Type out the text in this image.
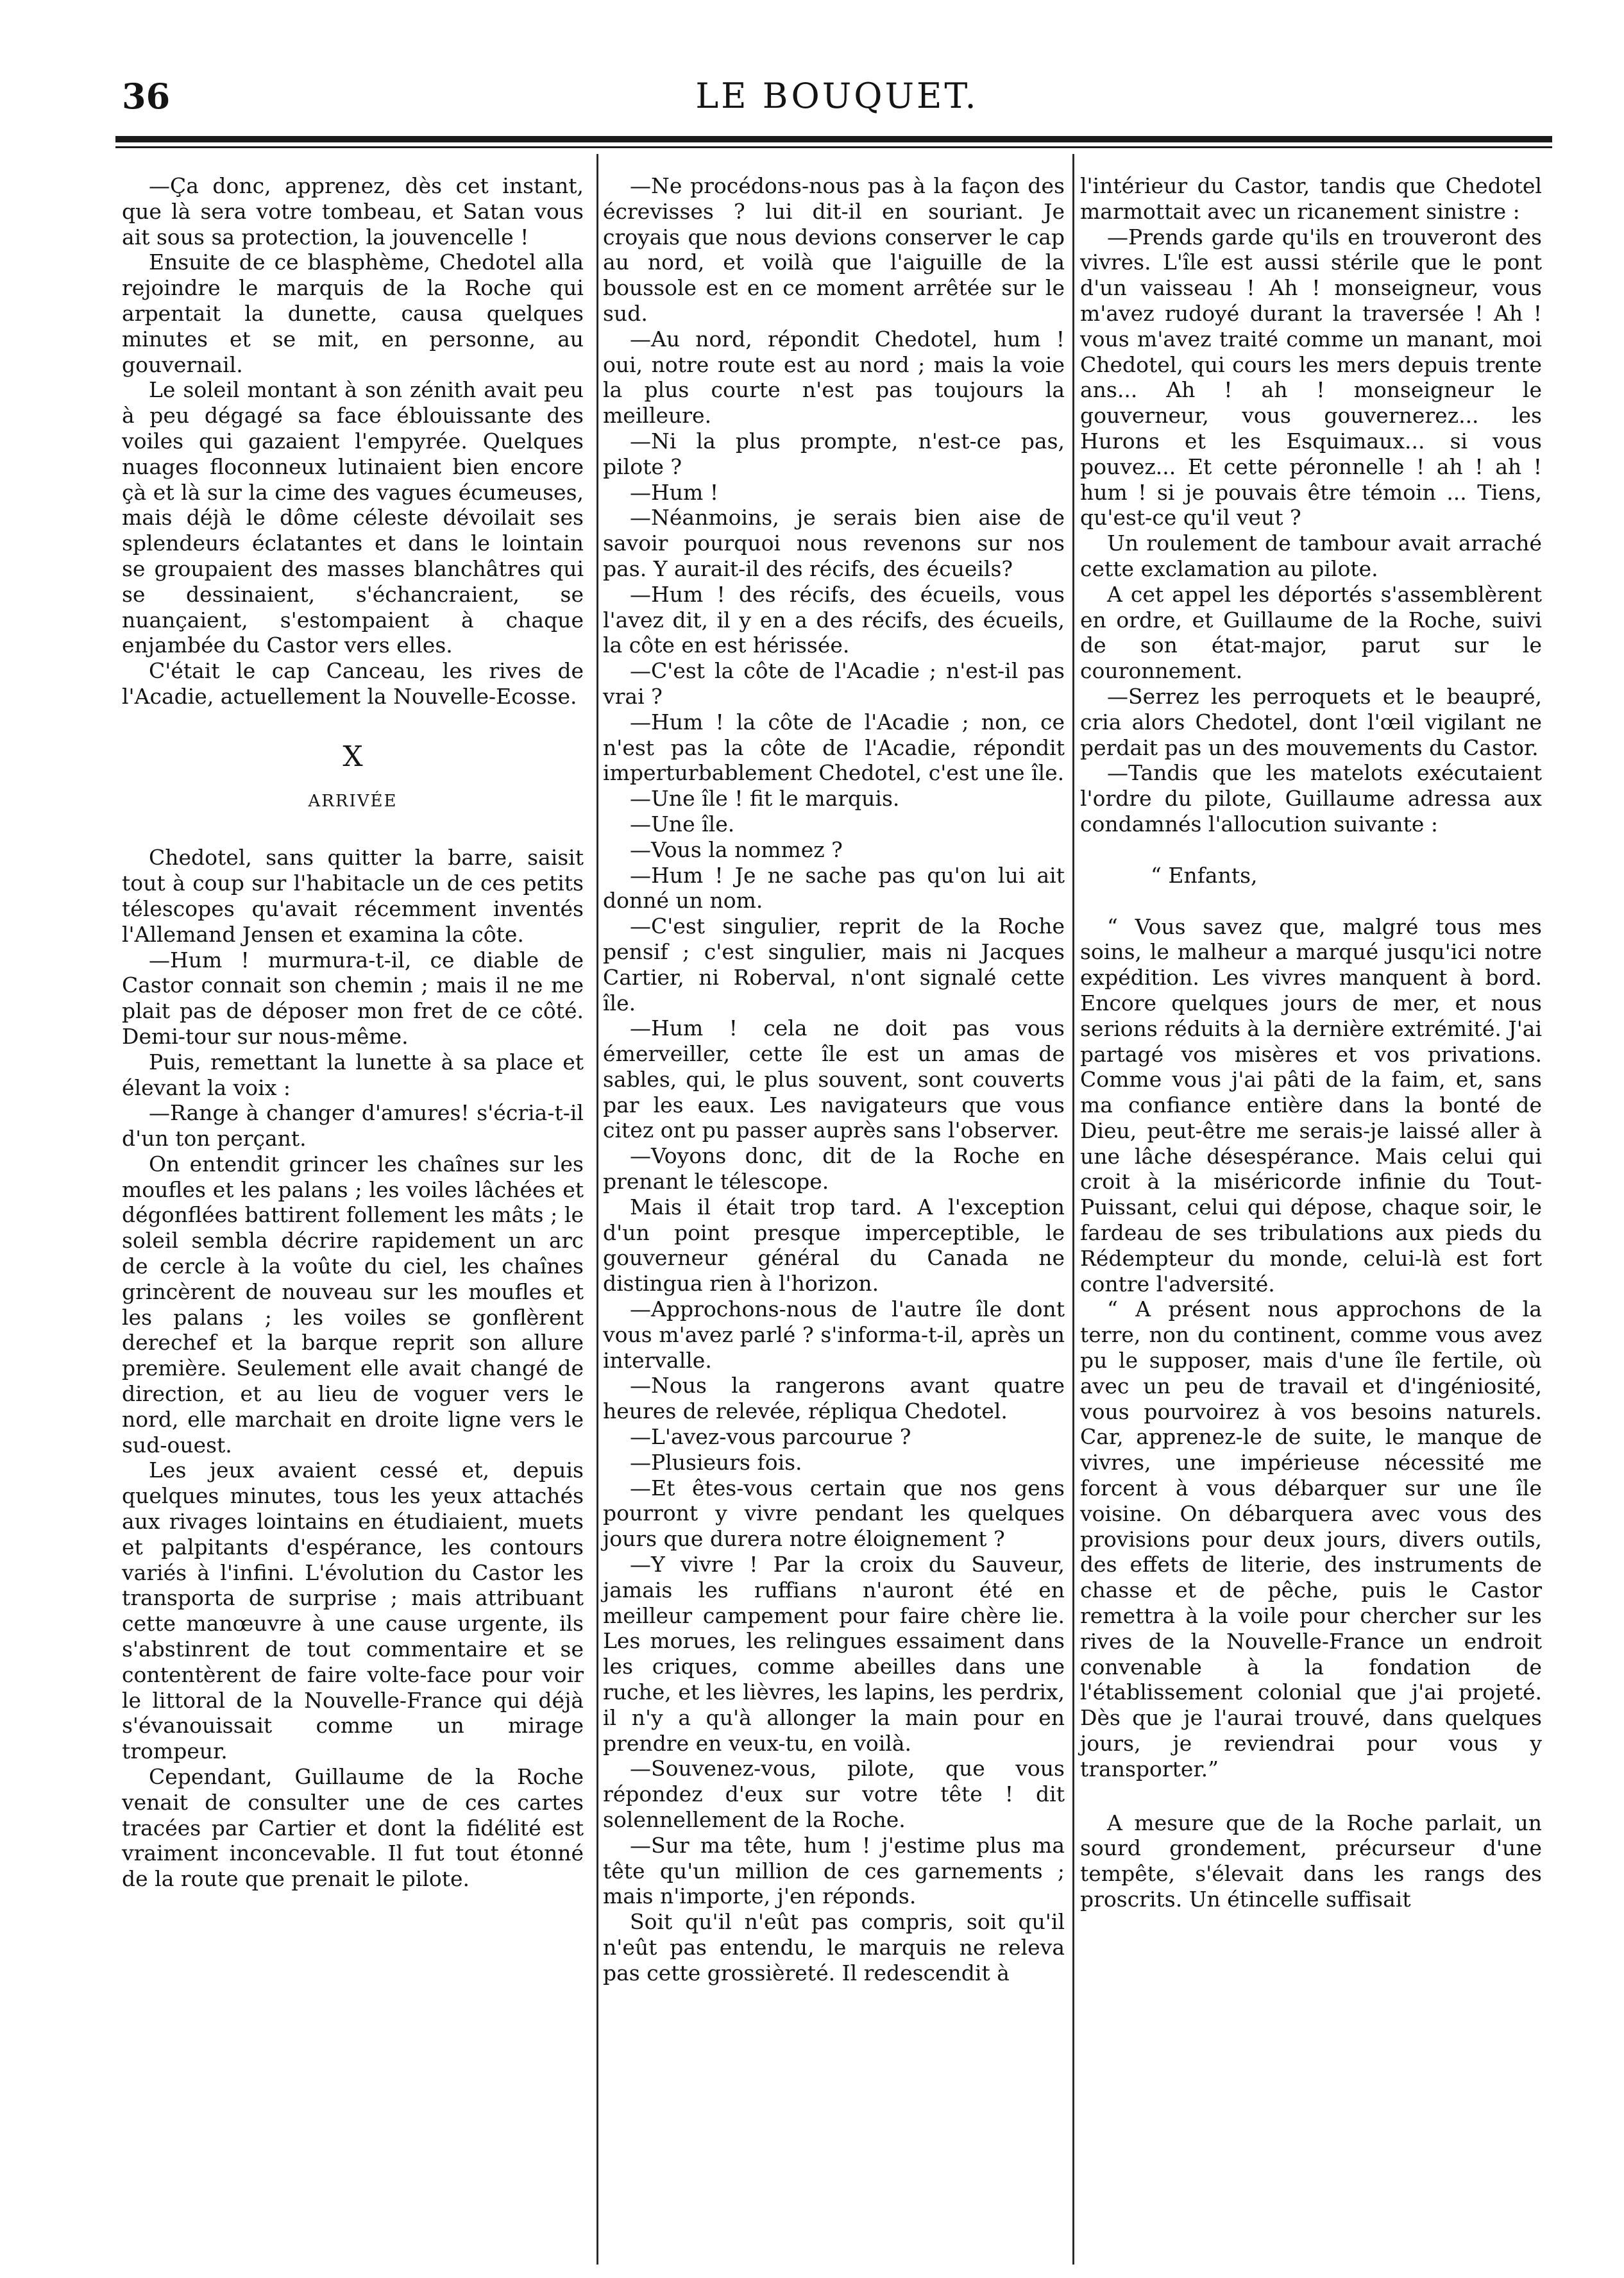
36	LE BOUQUET.

—Ça donc, apprenez, dès cet instant, que là sera votre tombeau, et Satan vous ait sous sa protection, la jouvencelle !

Ensuite de ce blasphème, Chedotel alla rejoindre le marquis de la Roche qui arpentait la dunette, causa quelques minutes et se mit, en personne, au gouvernail.

Le soleil montant à son zénith avait peu à peu dégagé sa face éblouissante des voiles qui gazaient l'empyrée. Quelques nuages floconneux lutinaient bien encore çà et là sur la cime des vagues écumeuses, mais déjà le dôme céleste dévoilait ses splendeurs éclatantes et dans le lointain se groupaient des masses blanchâtres qui se dessinaient, s'échancraient, se nuançaient, s'estompaient à chaque enjambée du Castor vers elles.

C'était le cap Canceau, les rives de l'Acadie, actuellement la Nouvelle-Ecosse.

X
ARRIVÉE

Chedotel, sans quitter la barre, saisit tout à coup sur l'habitacle un de ces petits télescopes qu'avait récemment inventés l'Allemand Jensen et examina la côte.

—Hum ! murmura-t-il, ce diable de Castor connait son chemin ; mais il ne me plait pas de déposer mon fret de ce côté. Demi-tour sur nous-même.

Puis, remettant la lunette à sa place et élevant la voix :

—Range à changer d'amures! s'écria-t-il d'un ton perçant.

On entendit grincer les chaînes sur les moufles et les palans ; les voiles lâchées et dégonflées battirent follement les mâts ; le soleil sembla décrire rapidement un arc de cercle à la voûte du ciel, les chaînes grincèrent de nouveau sur les moufles et les palans ; les voiles se gonflèrent derechef et la barque reprit son allure première. Seulement elle avait changé de direction, et au lieu de voguer vers le nord, elle marchait en droite ligne vers le sud-ouest.

Les jeux avaient cessé et, depuis quelques minutes, tous les yeux attachés aux rivages lointains en étudiaient, muets et palpitants d'espérance, les contours variés à l'infini. L'évolution du Castor les transporta de surprise ; mais attribuant cette manœuvre à une cause urgente, ils s'abstinrent de tout commentaire et se contentèrent de faire volte-face pour voir le littoral de la Nouvelle-France qui déjà s'évanouissait comme un mirage trompeur.

Cependant, Guillaume de la Roche venait de consulter une de ces cartes tracées par Cartier et dont la fidélité est vraiment inconcevable. Il fut tout étonné de la route que prenait le pilote.

—Ne procédons-nous pas à la façon des écrevisses ? lui dit-il en souriant. Je croyais que nous devions conserver le cap au nord, et voilà que l'aiguille de la boussole est en ce moment arrêtée sur le sud.

—Au nord, répondit Chedotel, hum ! oui, notre route est au nord ; mais la voie la plus courte n'est pas toujours la meilleure.

—Ni la plus prompte, n'est-ce pas, pilote ?

—Hum !

—Néanmoins, je serais bien aise de savoir pourquoi nous revenons sur nos pas. Y aurait-il des récifs, des écueils?

—Hum ! des récifs, des écueils, vous l'avez dit, il y en a des récifs, des écueils, la côte en est hérissée.

—C'est la côte de l'Acadie ; n'est-il pas vrai ?

—Hum ! la côte de l'Acadie ; non, ce n'est pas la côte de l'Acadie, répondit imperturbablement Chedotel, c'est une île.

—Une île ! fit le marquis.

—Une île.

—Vous la nommez ?

—Hum ! Je ne sache pas qu'on lui ait donné un nom.

—C'est singulier, reprit de la Roche pensif ; c'est singulier, mais ni Jacques Cartier, ni Roberval, n'ont signalé cette île.

—Hum ! cela ne doit pas vous émerveiller, cette île est un amas de sables, qui, le plus souvent, sont couverts par les eaux. Les navigateurs que vous citez ont pu passer auprès sans l'observer.

—Voyons donc, dit de la Roche en prenant le télescope.

Mais il était trop tard. A l'exception d'un point presque imperceptible, le gouverneur général du Canada ne distingua rien à l'horizon.

—Approchons-nous de l'autre île dont vous m'avez parlé ? s'informa-t-il, après un intervalle.

—Nous la rangerons avant quatre heures de relevée, répliqua Chedotel.

—L'avez-vous parcourue ?

—Plusieurs fois.

—Et êtes-vous certain que nos gens pourront y vivre pendant les quelques jours que durera notre éloignement ?

—Y vivre ! Par la croix du Sauveur, jamais les ruffians n'auront été en meilleur campement pour faire chère lie. Les morues, les relingues essaiment dans les criques, comme abeilles dans une ruche, et les lièvres, les lapins, les perdrix, il n'y a qu'à allonger la main pour en prendre en veux-tu, en voilà.

—Souvenez-vous, pilote, que vous répondez d'eux sur votre tête ! dit solennellement de la Roche.

—Sur ma tête, hum ! j'estime plus ma tête qu'un million de ces garnements ; mais n'importe, j'en réponds.

Soit qu'il n'eût pas compris, soit qu'il n'eût pas entendu, le marquis ne releva pas cette grossièreté. Il redescendit à

l'intérieur du Castor, tandis que Chedotel marmottait avec un ricanement sinistre :

—Prends garde qu'ils en trouveront des vivres. L'île est aussi stérile que le pont d'un vaisseau ! Ah ! monseigneur, vous m'avez rudoyé durant la traversée ! Ah ! vous m'avez traité comme un manant, moi Chedotel, qui cours les mers depuis trente ans... Ah ! ah ! monseigneur le gouverneur, vous gouvernerez... les Hurons et les Esquimaux... si vous pouvez... Et cette péronnelle ! ah ! ah ! hum ! si je pouvais être témoin ... Tiens, qu'est-ce qu'il veut ?

Un roulement de tambour avait arraché cette exclamation au pilote.

A cet appel les déportés s'assemblèrent en ordre, et Guillaume de la Roche, suivi de son état-major, parut sur le couronnement.

—Serrez les perroquets et le beaupré, cria alors Chedotel, dont l'œil vigilant ne perdait pas un des mouvements du Castor.

—Tandis que les matelots exécutaient l'ordre du pilote, Guillaume adressa aux condamnés l'allocution suivante :

“ Enfants,

“ Vous savez que, malgré tous mes soins, le malheur a marqué jusqu'ici notre expédition. Les vivres manquent à bord. Encore quelques jours de mer, et nous serions réduits à la dernière extrémité. J'ai partagé vos misères et vos privations. Comme vous j'ai pâti de la faim, et, sans ma confiance entière dans la bonté de Dieu, peut-être me serais-je laissé aller à une lâche désespérance. Mais celui qui croit à la miséricorde infinie du Tout-Puissant, celui qui dépose, chaque soir, le fardeau de ses tribulations aux pieds du Rédempteur du monde, celui-là est fort contre l'adversité.

“ A présent nous approchons de la terre, non du continent, comme vous avez pu le supposer, mais d'une île fertile, où avec un peu de travail et d'ingéniosité, vous pourvoirez à vos besoins naturels. Car, apprenez-le de suite, le manque de vivres, une impérieuse nécessité me forcent à vous débarquer sur une île voisine. On débarquera avec vous des provisions pour deux jours, divers outils, des effets de literie, des instruments de chasse et de pêche, puis le Castor remettra à la voile pour chercher sur les rives de la Nouvelle-France un endroit convenable à la fondation de l'établissement colonial que j'ai projeté. Dès que je l'aurai trouvé, dans quelques jours, je reviendrai pour vous y transporter.”

A mesure que de la Roche parlait, un sourd grondement, précurseur d'une tempête, s'élevait dans les rangs des proscrits. Un étincelle suffisait
